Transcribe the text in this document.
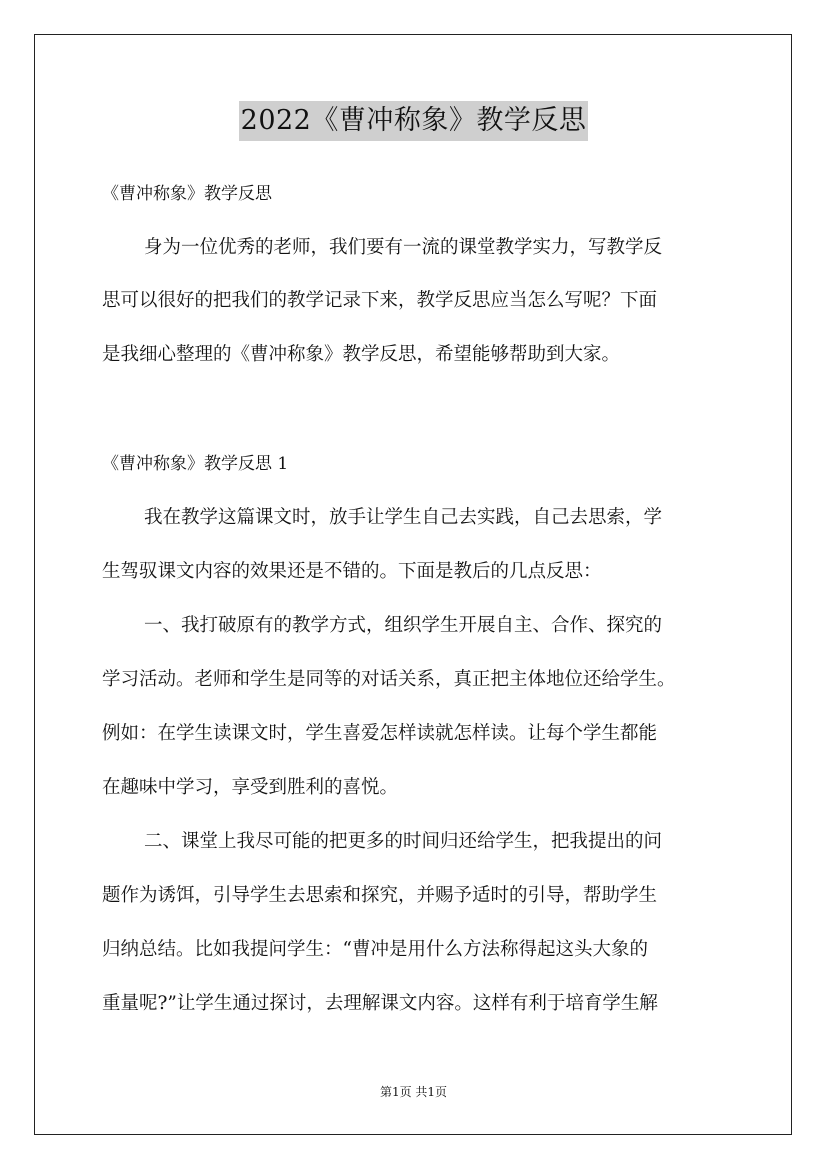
2022《曹冲称象》教学反思

《曹冲称象》教学反思

身为一位优秀的老师，我们要有一流的课堂教学实力，写教学反

思可以很好的把我们的教学记录下来，教学反思应当怎么写呢？下面

是我细心整理的《曹冲称象》教学反思，希望能够帮助到大家。

《曹冲称象》教学反思 1

我在教学这篇课文时，放手让学生自己去实践，自己去思索，学

生驾驭课文内容的效果还是不错的。下面是教后的几点反思：

一、我打破原有的教学方式，组织学生开展自主、合作、探究的

学习活动。老师和学生是同等的对话关系，真正把主体地位还给学生。

例如：在学生读课文时，学生喜爱怎样读就怎样读。让每个学生都能

在趣味中学习，享受到胜利的喜悦。

二、课堂上我尽可能的把更多的时间归还给学生，把我提出的问

题作为诱饵，引导学生去思索和探究，并赐予适时的引导，帮助学生

归纳总结。比如我提问学生：“曹冲是用什么方法称得起这头大象的

重量呢?”让学生通过探讨，去理解课文内容。这样有利于培育学生解

第1页 共1页
